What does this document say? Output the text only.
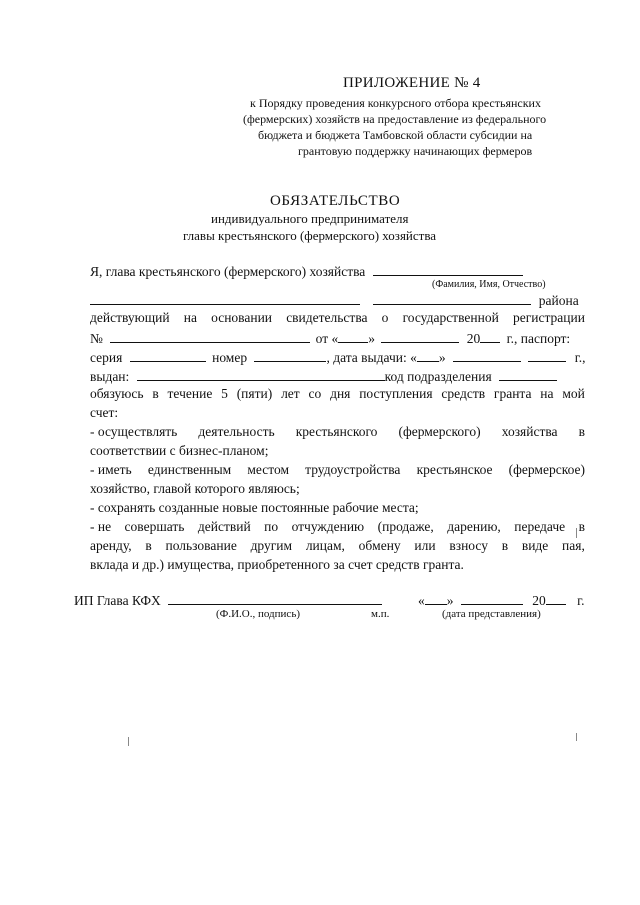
ПРИЛОЖЕНИЕ № 4
к Порядку проведения конкурсного отбора крестьянских
(фермерских) хозяйств на предоставление из федерального
бюджета и бюджета Тамбовской области субсидии на
грантовую поддержку начинающих фермеров
ОБЯЗАТЕЛЬСТВО
индивидуального предпринимателя
главы крестьянского (фермерского) хозяйства
Я, глава крестьянского (фермерского) хозяйства
(Фамилия, Имя, Отчество)
района
действующий на основании свидетельства о государственной регистрации
№	от « »	20 г., паспорт:
серия	номер	, дата выдачи: « »	г.,
выдан:	код подразделения
обязуюсь в течение 5 (пяти) лет со дня поступления средств гранта на мой
счет:
- осуществлять деятельность крестьянского (фермерского) хозяйства в
соответствии с бизнес-планом;
- иметь единственным местом трудоустройства крестьянское (фермерское)
хозяйство, главой которого являюсь;
- сохранять созданные новые постоянные рабочие места;
- не совершать действий по отчуждению (продаже, дарению, передаче в
аренду, в пользование другим лицам, обмену или взносу в виде пая,
вклада и др.) имущества, приобретенного за счет средств гранта.
ИП Глава КФХ	« »	20 г.
(Ф.И.О., подпись)	м.п.	(дата представления)
